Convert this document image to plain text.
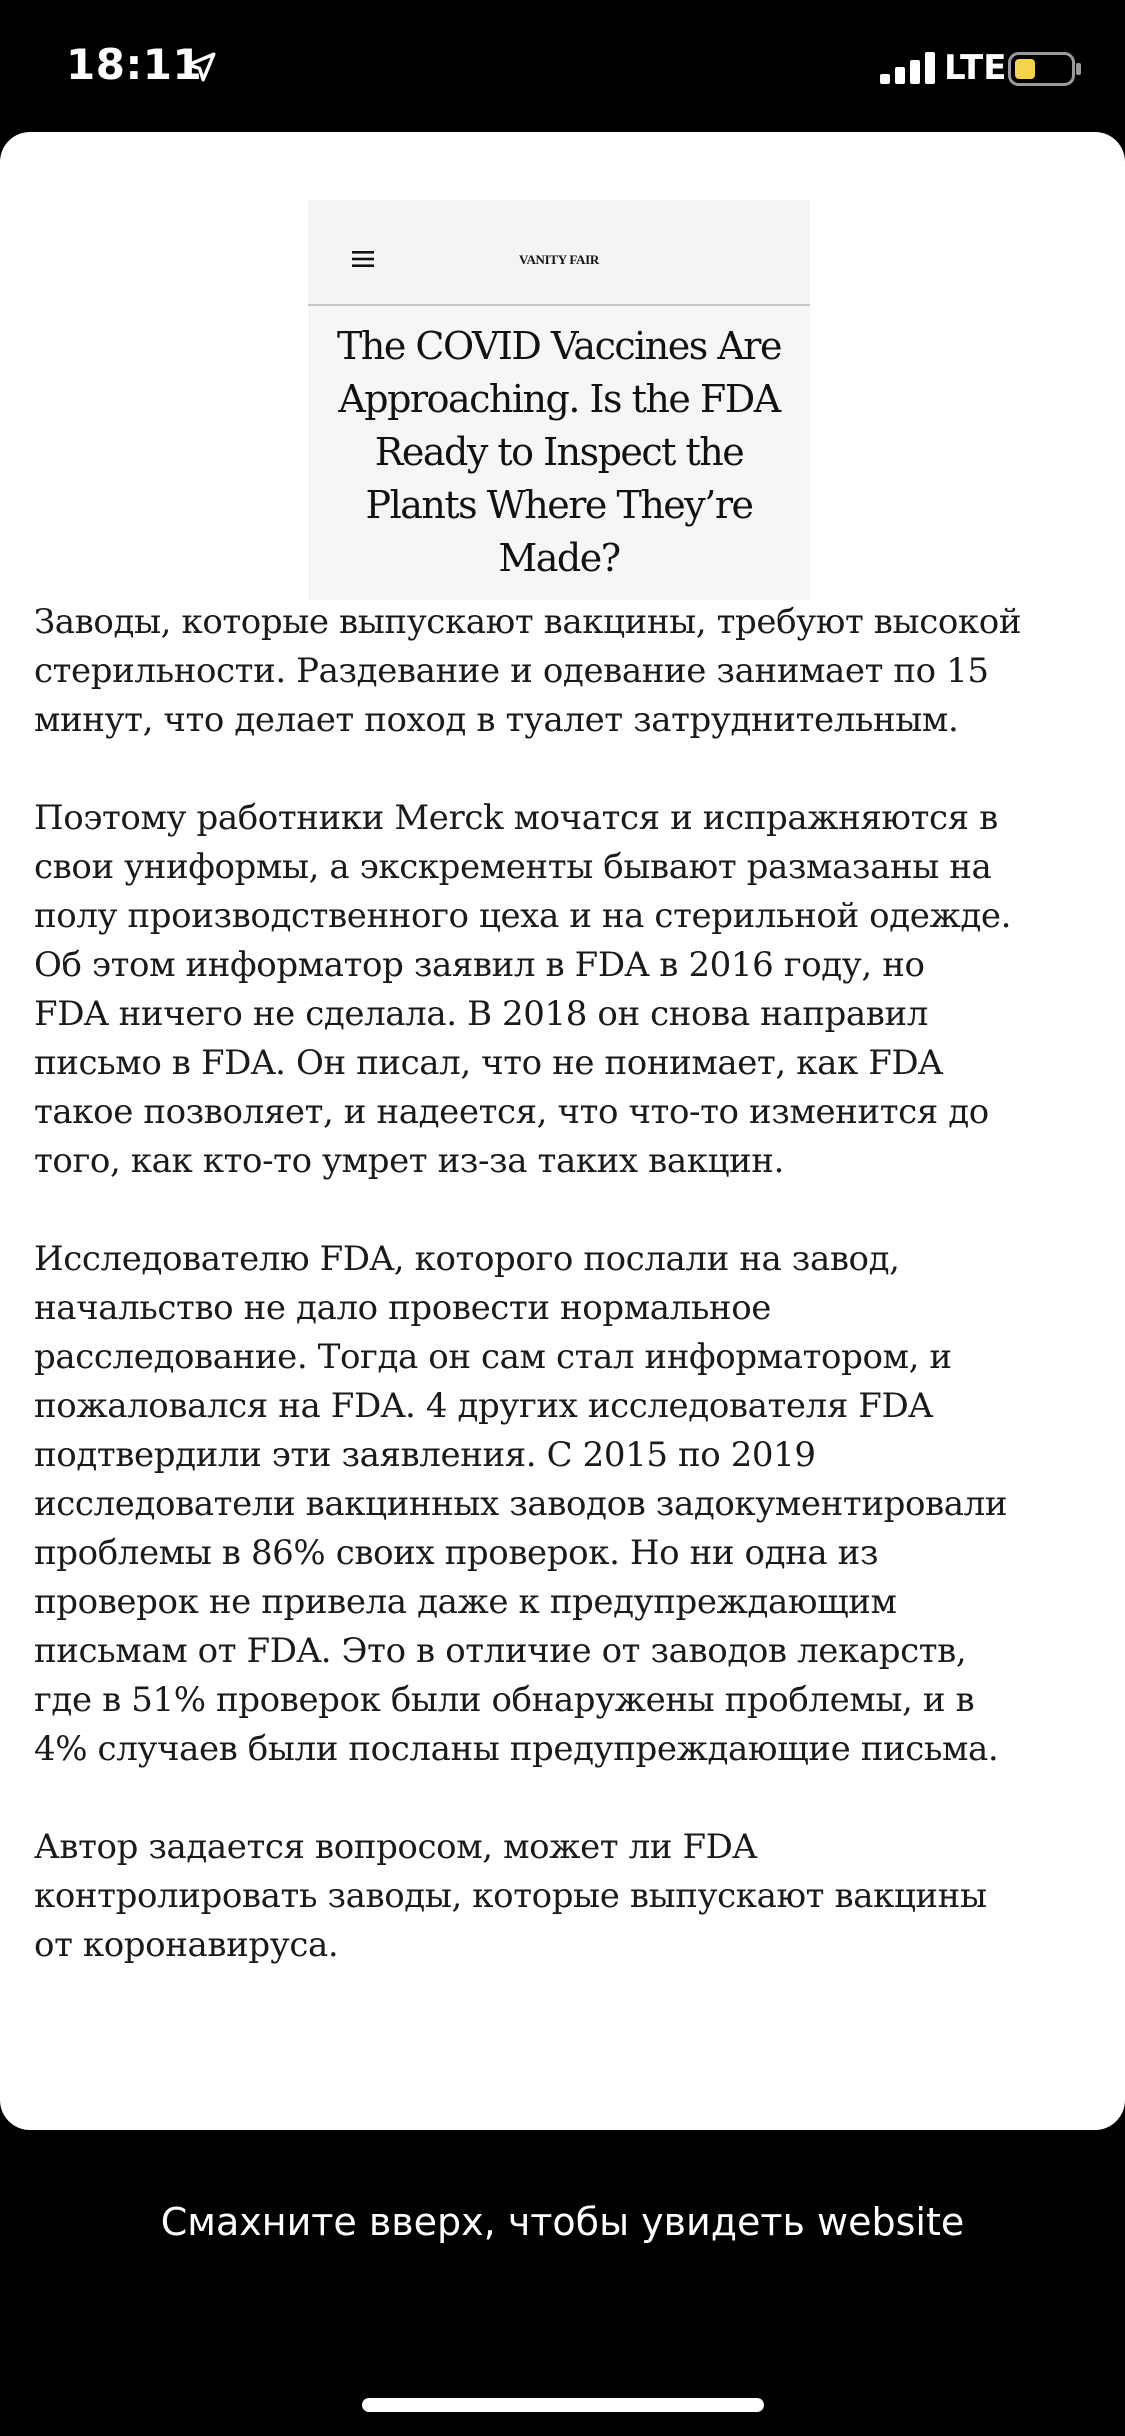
18:11	LTE
VANITY FAIR
The COVID Vaccines Are Approaching. Is the FDA Ready to Inspect the Plants Where They’re Made?

Заводы, которые выпускают вакцины, требуют высокой
стерильности. Раздевание и одевание занимает по 15
минут, что делает поход в туалет затруднительным.

Поэтому работники Merck мочатся и испражняются в
свои униформы, а экскременты бывают размазаны на
полу производственного цеха и на стерильной одежде.
Об этом информатор заявил в FDA в 2016 году, но
FDA ничего не сделала. В 2018 он снова направил
письмо в FDA. Он писал, что не понимает, как FDA
такое позволяет, и надеется, что что-то изменится до
того, как кто-то умрет из-за таких вакцин.

Исследователю FDA, которого послали на завод,
начальство не дало провести нормальное
расследование. Тогда он сам стал информатором, и
пожаловался на FDA. 4 других исследователя FDA
подтвердили эти заявления. С 2015 по 2019
исследователи вакцинных заводов задокументировали
проблемы в 86% своих проверок. Но ни одна из
проверок не привела даже к предупреждающим
письмам от FDA. Это в отличие от заводов лекарств,
где в 51% проверок были обнаружены проблемы, и в
4% случаев были посланы предупреждающие письма.

Автор задается вопросом, может ли FDA
контролировать заводы, которые выпускают вакцины
от коронавируса.

Смахните вверх, чтобы увидеть website
